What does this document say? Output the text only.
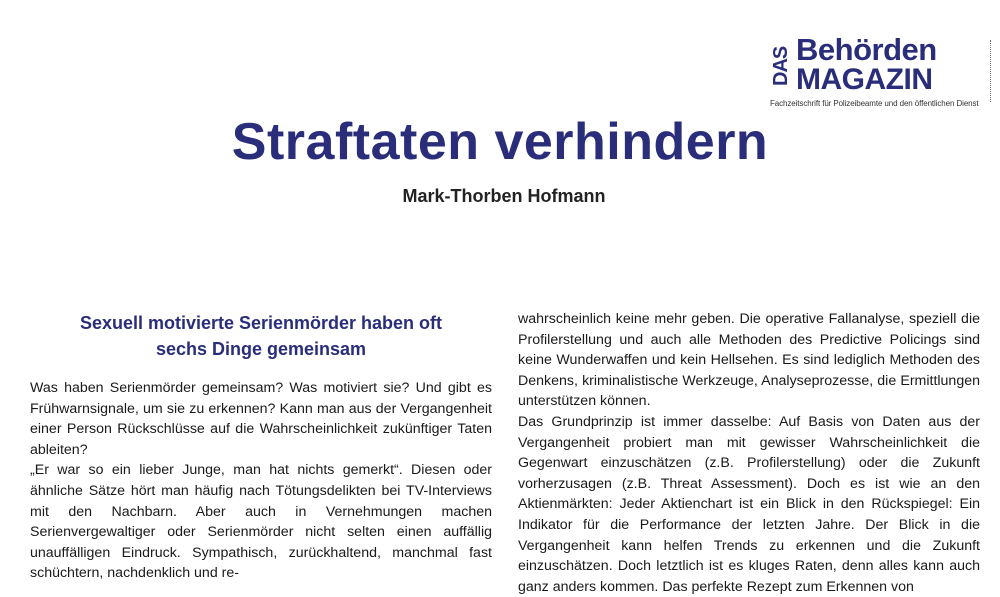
DAS Behörden
MAGAZIN
Fachzeitschrift für Polizeibeamte und den öffentlichen Dienst
Straftaten verhindern
Mark-Thorben Hofmann
Sexuell motivierte Serienmörder haben oft
sechs Dinge gemeinsam

Was haben Serienmörder gemeinsam? Was motiviert sie? Und gibt es Frühwarnsignale, um sie zu erkennen? Kann man aus der Vergangenheit einer Person Rückschlüsse auf die Wahrscheinlichkeit zukünftiger Taten ableiten?
„Er war so ein lieber Junge, man hat nichts gemerkt“. Diesen oder ähnliche Sätze hört man häufig nach Tötungsdelikten bei TV-Interviews mit den Nachbarn. Aber auch in Vernehmungen machen Serienvergewaltiger oder Serienmörder nicht selten einen auffällig unauffälligen Eindruck. Sympathisch, zurückhaltend, manchmal fast schüchtern, nachdenklich und re-

wahrscheinlich keine mehr geben. Die operative Fallanalyse, speziell die Profilerstellung und auch alle Methoden des Predictive Policings sind keine Wunderwaffen und kein Hellsehen. Es sind lediglich Methoden des Denkens, kriminalistische Werkzeuge, Analyseprozesse, die Ermittlungen unterstützen können.
Das Grundprinzip ist immer dasselbe: Auf Basis von Daten aus der Vergangenheit probiert man mit gewisser Wahrscheinlichkeit die Gegenwart einzuschätzen (z.B. Profilerstellung) oder die Zukunft vorherzusagen (z.B. Threat Assessment). Doch es ist wie an den Aktienmärkten: Jeder Aktienchart ist ein Blick in den Rückspiegel: Ein Indikator für die Performance der letzten Jahre. Der Blick in die Vergangenheit kann helfen Trends zu erkennen und die Zukunft einzuschätzen. Doch letztlich ist es kluges Raten, denn alles kann auch ganz anders kommen. Das perfekte Rezept zum Erkennen von
